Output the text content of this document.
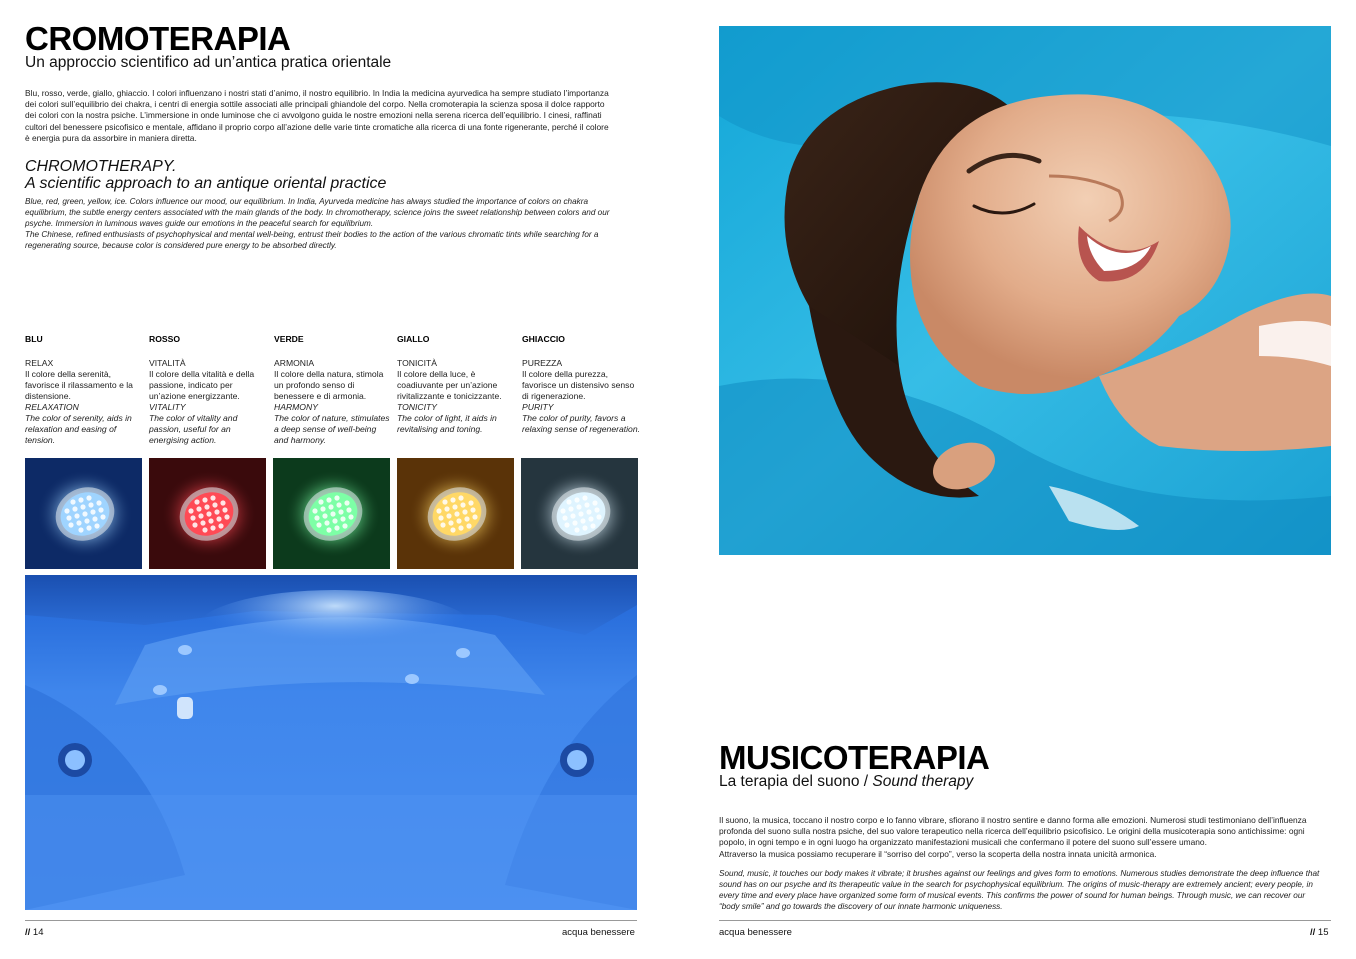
CROMOTERAPIA
Un approccio scientifico ad un’antica pratica orientale
Blu, rosso, verde, giallo, ghiaccio. I colori influenzano i nostri stati d’animo, il nostro equilibrio. In India la medicina ayurvedica ha sempre studiato l’importanza dei colori sull’equilibrio dei chakra, i centri di energia sottile associati alle principali ghiandole del corpo. Nella cromoterapia la scienza sposa il dolce rapporto dei colori con la nostra psiche. L’immersione in onde luminose che ci avvolgono guida le nostre emozioni nella serena ricerca dell’equilibrio. I cinesi, raffinati cultori del benessere psicofisico e mentale, affidano il proprio corpo all’azione delle varie tinte cromatiche alla ricerca di una fonte rigenerante, perché il colore è energia pura da assorbire in maniera diretta.
CHROMOTHERAPY.
A scientific approach to an antique oriental practice
Blue, red, green, yellow, ice. Colors influence our mood, our equilibrium. In India, Ayurveda medicine has always studied the importance of colors on chakra equilibrium, the subtle energy centers associated with the main glands of the body. In chromotherapy, science joins the sweet relationship between colors and our psyche. Immersion in luminous waves guide our emotions in the peaceful search for equilibrium.
The Chinese, refined enthusiasts of psychophysical and mental well-being, entrust their bodies to the action of the various chromatic tints while searching for a regenerating source, because color is considered pure energy to be absorbed directly.
BLU
RELAX
Il colore della serenità, favorisce il rilassamento e la distensione.
RELAXATION
The color of serenity, aids in relaxation and easing of tension.
ROSSO
VITALITÀ
Il colore della vitalità e della passione, indicato per un’azione energizzante.
VITALITY
The color of vitality and passion, useful for an energising action.
VERDE
ARMONIA
Il colore della natura, stimola un profondo senso di benessere e di armonia.
HARMONY
The color of nature, stimulates a deep sense of well-being and harmony.
GIALLO
TONICITÀ
Il colore della luce, è coadiuvante per un’azione rivitalizzante e tonicizzante.
TONICITY
The color of light, it aids in revitalising and toning.
GHIACCIO
PUREZZA
Il colore della purezza, favorisce un distensivo senso di rigenerazione.
PURITY
The color of purity, favors a relaxing sense of regeneration.
// 14	acqua benessere
MUSICOTERAPIA
La terapia del suono / Sound therapy
Il suono, la musica, toccano il nostro corpo e lo fanno vibrare, sfiorano il nostro sentire e danno forma alle emozioni. Numerosi studi testimoniano dell’influenza profonda del suono sulla nostra psiche, del suo valore terapeutico nella ricerca dell’equilibrio psicofisico. Le origini della musicoterapia sono antichissime: ogni popolo, in ogni tempo e in ogni luogo ha organizzato manifestazioni musicali che confermano il potere del suono sull’essere umano.
Attraverso la musica possiamo recuperare il “sorriso del corpo”, verso la scoperta della nostra innata unicità armonica.
Sound, music, it touches our body makes it vibrate; it brushes against our feelings and gives form to emotions. Numerous studies demonstrate the deep influence that sound has on our psyche and its therapeutic value in the search for psychophysical equilibrium. The origins of music-therapy are extremely ancient; every people, in every time and every place have organized some form of musical events. This confirms the power of sound for human beings. Through music, we can recover our “body smile” and go towards the discovery of our innate harmonic uniqueness.
acqua benessere	// 15
